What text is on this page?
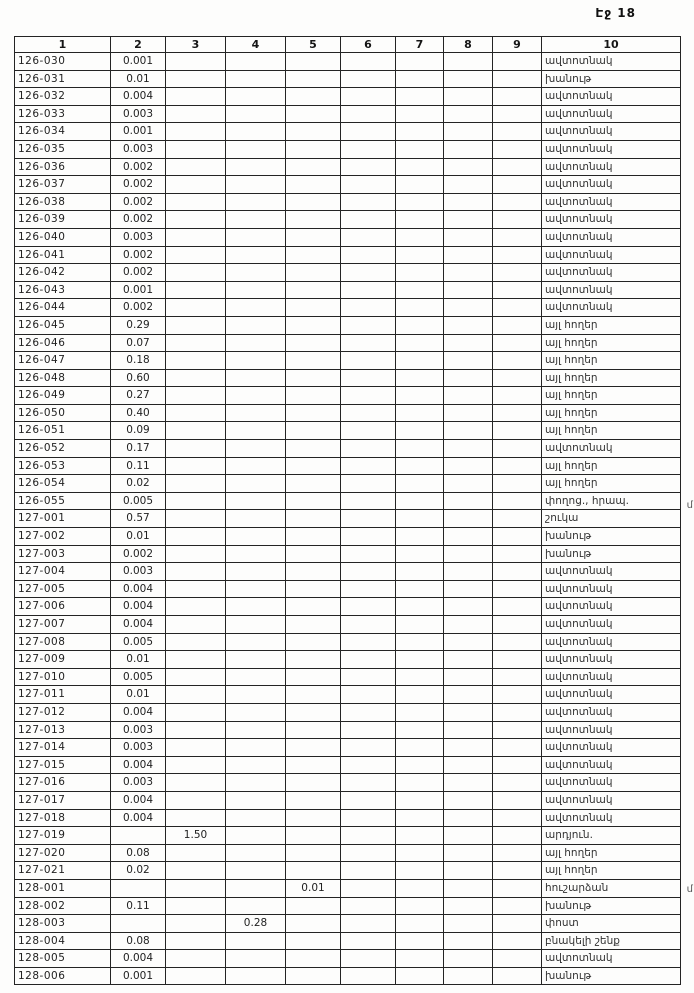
Էջ 18
1	2	3	4	5	6	7	8	9	10
126-030	0.001								ավտոտնակ
126-031	0.01								խանութ
126-032	0.004								ավտոտնակ
126-033	0.003								ավտոտնակ
126-034	0.001								ավտոտնակ
126-035	0.003								ավտոտնակ
126-036	0.002								ավտոտնակ
126-037	0.002								ավտոտնակ
126-038	0.002								ավտոտնակ
126-039	0.002								ավտոտնակ
126-040	0.003								ավտոտնակ
126-041	0.002								ավտոտնակ
126-042	0.002								ավտոտնակ
126-043	0.001								ավտոտնակ
126-044	0.002								ավտոտնակ
126-045	0.29								այլ հողեր
126-046	0.07								այլ հողեր
126-047	0.18								այլ հողեր
126-048	0.60								այլ հողեր
126-049	0.27								այլ հողեր
126-050	0.40								այլ հողեր
126-051	0.09								այլ հողեր
126-052	0.17								ավտոտնակ
126-053	0.11								այլ հողեր
126-054	0.02								այլ հողեր
126-055	0.005								փողոց., հրապ.
127-001	0.57								շուկա
127-002	0.01								խանութ
127-003	0.002								խանութ
127-004	0.003								ավտոտնակ
127-005	0.004								ավտոտնակ
127-006	0.004								ավտոտնակ
127-007	0.004								ավտոտնակ
127-008	0.005								ավտոտնակ
127-009	0.01								ավտոտնակ
127-010	0.005								ավտոտնակ
127-011	0.01								ավտոտնակ
127-012	0.004								ավտոտնակ
127-013	0.003								ավտոտնակ
127-014	0.003								ավտոտնակ
127-015	0.004								ավտոտնակ
127-016	0.003								ավտոտնակ
127-017	0.004								ավտոտնակ
127-018	0.004								ավտոտնակ
127-019		1.50							արդյուն.
127-020	0.08								այլ հողեր
127-021	0.02								այլ հողեր
128-001				0.01					հուշարձան
128-002	0.11								խանութ
128-003			0.28						փոստ
128-004	0.08								բնակելի շենք
128-005	0.004								ավտոտնակ
128-006	0.001								խանութ
մ
մ
